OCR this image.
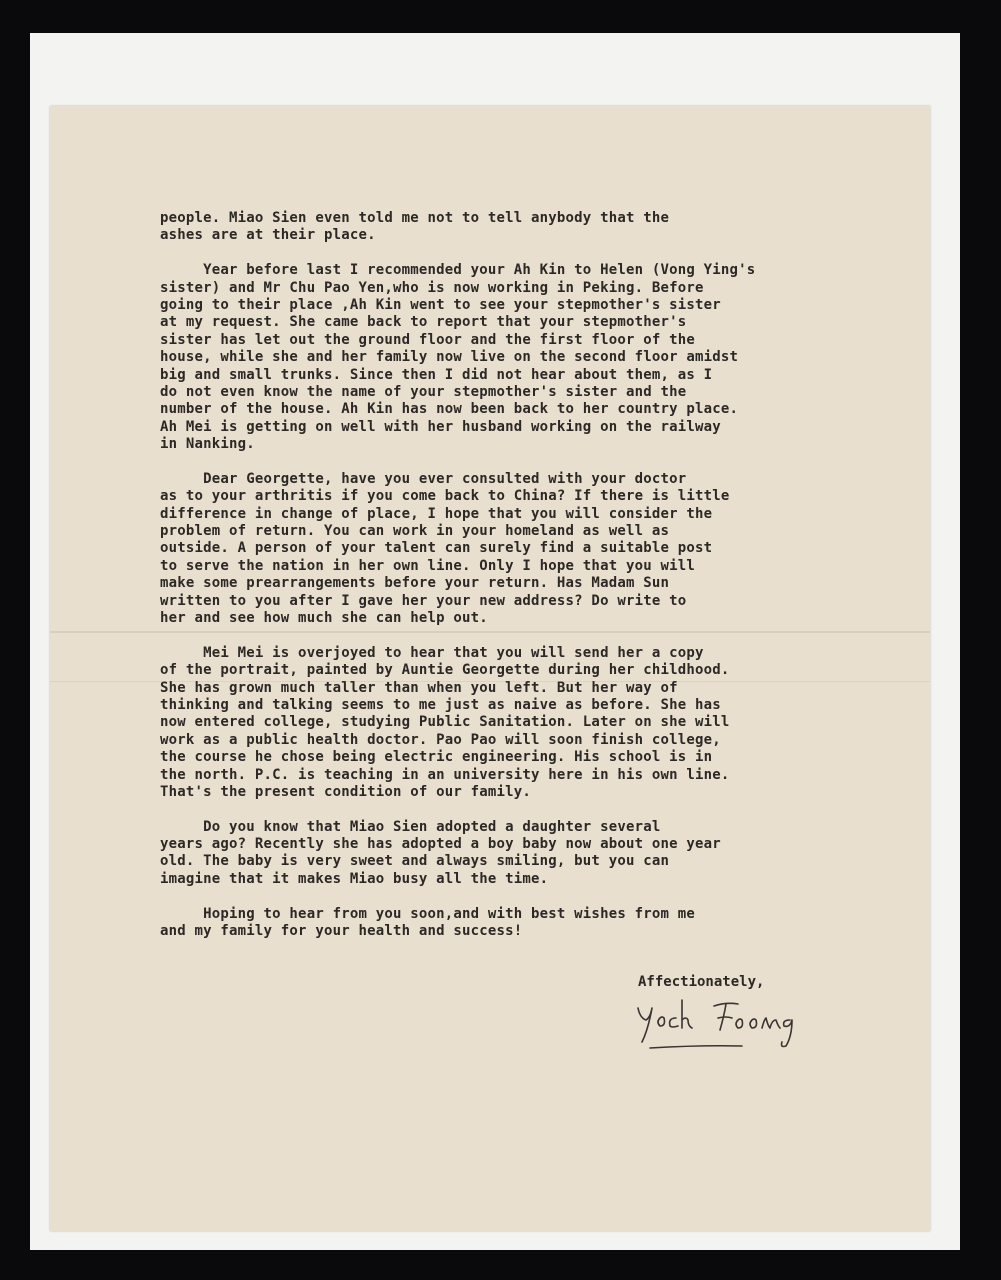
people. Miao Sien even told me not to tell anybody that the
ashes are at their place.
Year before last I recommended your Ah Kin to Helen (Vong Ying's
sister) and Mr Chu Pao Yen,who is now working in Peking. Before
going to their place ,Ah Kin went to see your stepmother's sister
at my request. She came back to report that your stepmother's
sister has let out the ground floor and the first floor of the
house, while she and her family now live on the second floor amidst
big and small trunks. Since then I did not hear about them, as I
do not even know the name of your stepmother's sister and the
number of the house. Ah Kin has now been back to her country place.
Ah Mei is getting on well with her husband working on the railway
in Nanking.
Dear Georgette, have you ever consulted with your doctor
as to your arthritis if you come back to China? If there is little
difference in change of place, I hope that you will consider the
problem of return. You can work in your homeland as well as
outside. A person of your talent can surely find a suitable post
to serve the nation in her own line. Only I hope that you will
make some prearrangements before your return. Has Madam Sun
written to you after I gave her your new address? Do write to
her and see how much she can help out.
Mei Mei is overjoyed to hear that you will send her a copy
of the portrait, painted by Auntie Georgette during her childhood.
She has grown much taller than when you left. But her way of
thinking and talking seems to me just as naive as before. She has
now entered college, studying Public Sanitation. Later on she will
work as a public health doctor. Pao Pao will soon finish college,
the course he chose being electric engineering. His school is in
the north. P.C. is teaching in an university here in his own line.
That's the present condition of our family.
Do you know that Miao Sien adopted a daughter several
years ago? Recently she has adopted a boy baby now about one year
old. The baby is very sweet and always smiling, but you can
imagine that it makes Miao busy all the time.
Hoping to hear from you soon,and with best wishes from me
and my family for your health and success!
Affectionately,
